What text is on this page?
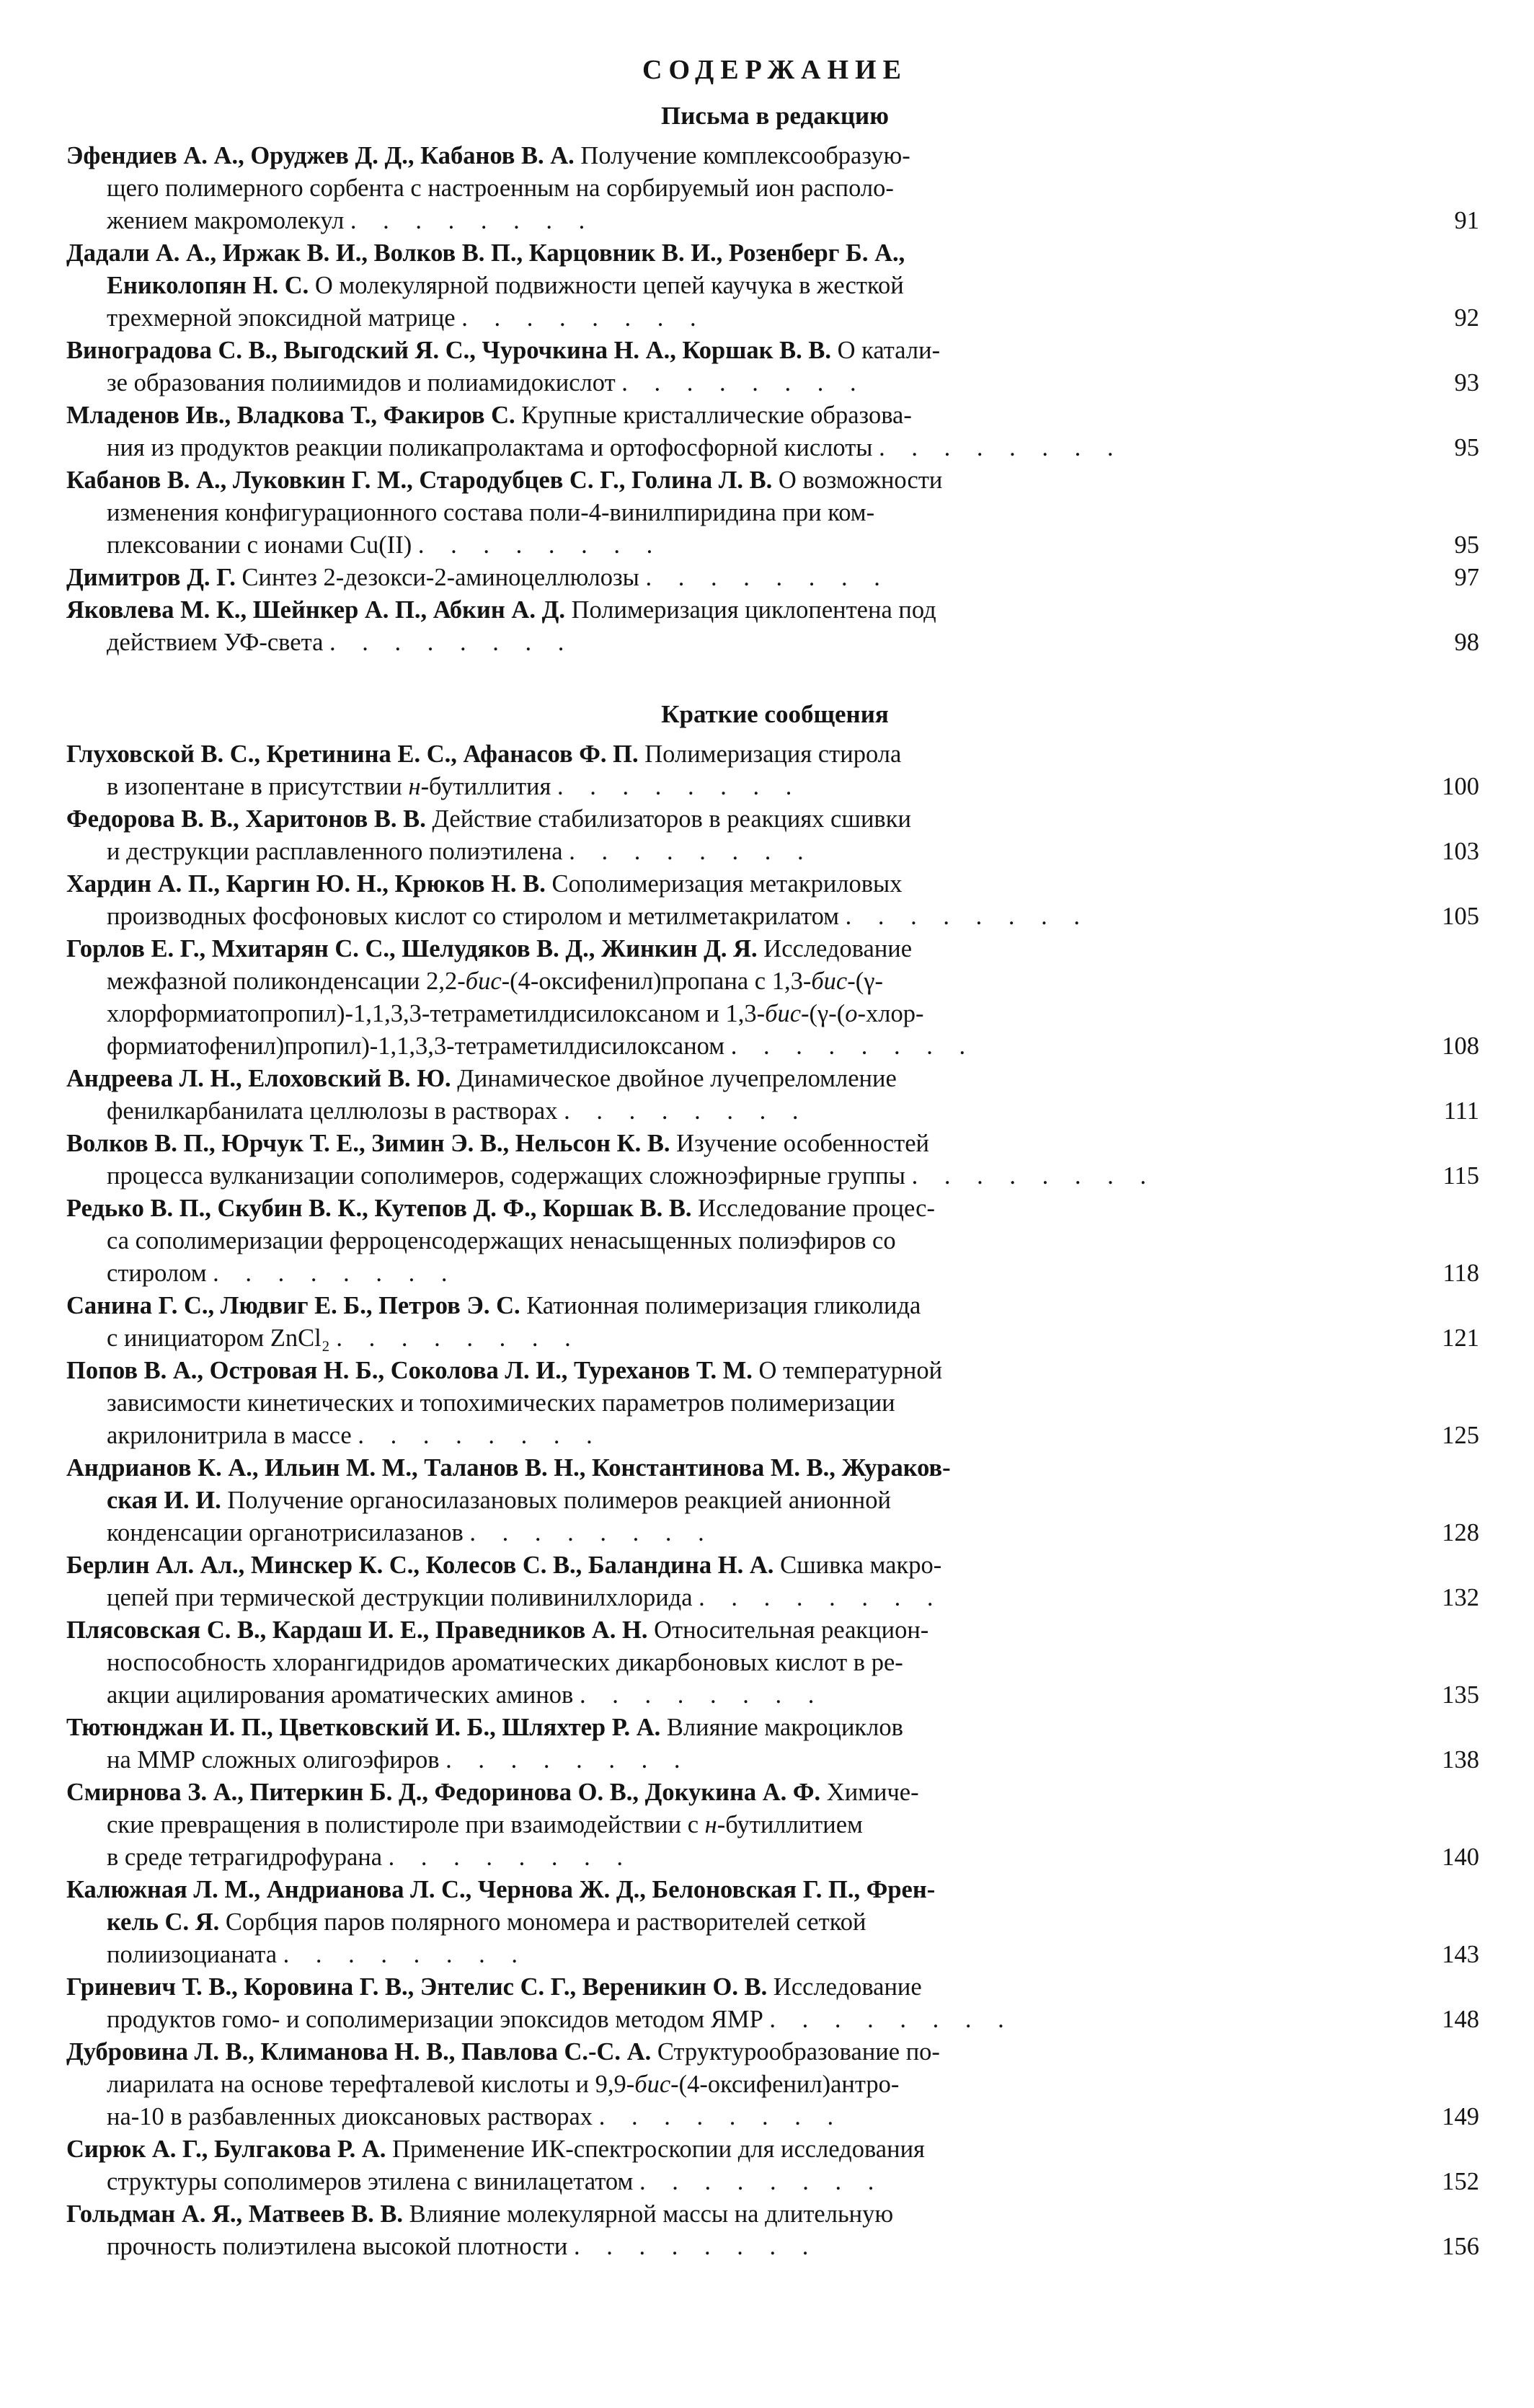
СОДЕРЖАНИЕ
Письма в редакцию
Эфендиев А. А., Оруджев Д. Д., Кабанов В. А. Получение комплексообразую-
щего полимерного сорбента с настроенным на сорбируемый ион располо-
жением макромолекул . . . . . . . .	91
Дадали А. А., Иржак В. И., Волков В. П., Карцовник В. И., Розенберг Б. А.,
Ениколопян Н. С. О молекулярной подвижности цепей каучука в жесткой
трехмерной эпоксидной матрице . . . . . . . .	92
Виноградова С. В., Выгодский Я. С., Чурочкина Н. А., Коршак В. В. О катали-
зе образования полиимидов и полиамидокислот . . . . . . . .	93
Младенов Ив., Владкова Т., Факиров С. Крупные кристаллические образова-
ния из продуктов реакции поликапролактама и ортофосфорной кислоты . . . . . . . .	95
Кабанов В. А., Луковкин Г. М., Стародубцев С. Г., Голина Л. В. О возможности
изменения конфигурационного состава поли-4-винилпиридина при ком-
плексовании с ионами Cu(II) . . . . . . . .	95
Димитров Д. Г. Синтез 2-дезокси-2-аминоцеллюлозы . . . . . . . .	97
Яковлева М. К., Шейнкер А. П., Абкин А. Д. Полимеризация циклопентена под
действием УФ-света . . . . . . . .	98
Краткие сообщения
Глуховской В. С., Кретинина Е. С., Афанасов Ф. П. Полимеризация стирола
в изопентане в присутствии н-бутиллития . . . . . . . .	100
Федорова В. В., Харитонов В. В. Действие стабилизаторов в реакциях сшивки
и деструкции расплавленного полиэтилена . . . . . . . .	103
Хардин А. П., Каргин Ю. Н., Крюков Н. В. Сополимеризация метакриловых
производных фосфоновых кислот со стиролом и метилметакрилатом . . . . . . . .	105
Горлов Е. Г., Мхитарян С. С., Шелудяков В. Д., Жинкин Д. Я. Исследование
межфазной поликонденсации 2,2-бис-(4-оксифенил)пропана с 1,3-бис-(γ-
хлорформиатопропил)-1,1,3,3-тетраметилдисилоксаном и 1,3-бис-(γ-(о-хлор-
формиатофенил)пропил)-1,1,3,3-тетраметилдисилоксаном . . . . . . . .	108
Андреева Л. Н., Елоховский В. Ю. Динамическое двойное лучепреломление
фенилкарбанилата целлюлозы в растворах . . . . . . . .	111
Волков В. П., Юрчук Т. Е., Зимин Э. В., Нельсон К. В. Изучение особенностей
процесса вулканизации сополимеров, содержащих сложноэфирные группы . . . . . . . .	115
Редько В. П., Скубин В. К., Кутепов Д. Ф., Коршак В. В. Исследование процес-
са сополимеризации ферроценсодержащих ненасыщенных полиэфиров со
стиролом . . . . . . . .	118
Санина Г. С., Людвиг Е. Б., Петров Э. С. Катионная полимеризация гликолида
с инициатором ZnCl₂ . . . . . . . .	121
Попов В. А., Островая Н. Б., Соколова Л. И., Туреханов Т. М. О температурной
зависимости кинетических и топохимических параметров полимеризации
акрилонитрила в массе . . . . . . . .	125
Андрианов К. А., Ильин М. М., Таланов В. Н., Константинова М. В., Жураков-
ская И. И. Получение органосилазановых полимеров реакцией анионной
конденсации органотрисилазанов . . . . . . . .	128
Берлин Ал. Ал., Минскер К. С., Колесов С. В., Баландина Н. А. Сшивка макро-
цепей при термической деструкции поливинилхлорида . . . . . . . .	132
Плясовская С. В., Кардаш И. Е., Праведников А. Н. Относительная реакцион-
носпособность хлорангидридов ароматических дикарбоновых кислот в ре-
акции ацилирования ароматических аминов . . . . . . . .	135
Тютюнджан И. П., Цветковский И. Б., Шляхтер Р. А. Влияние макроциклов
на ММР сложных олигоэфиров . . . . . . . .	138
Смирнова З. А., Питеркин Б. Д., Федоринова О. В., Докукина А. Ф. Химиче-
ские превращения в полистироле при взаимодействии с н-бутиллитием
в среде тетрагидрофурана . . . . . . . .	140
Калюжная Л. М., Андрианова Л. С., Чернова Ж. Д., Белоновская Г. П., Френ-
кель С. Я. Сорбция паров полярного мономера и растворителей сеткой
полиизоцианата . . . . . . . .	143
Гриневич Т. В., Коровина Г. В., Энтелис С. Г., Вереникин О. В. Исследование
продуктов гомо- и сополимеризации эпоксидов методом ЯМР . . . . . . . .	148
Дубровина Л. В., Климанова Н. В., Павлова С.-С. А. Структурообразование по-
лиарилата на основе терефталевой кислоты и 9,9-бис-(4-оксифенил)антро-
на-10 в разбавленных диоксановых растворах . . . . . . . .	149
Сирюк А. Г., Булгакова Р. А. Применение ИК-спектроскопии для исследования
структуры сополимеров этилена с винилацетатом . . . . . . . .	152
Гольдман А. Я., Матвеев В. В. Влияние молекулярной массы на длительную
прочность полиэтилена высокой плотности . . . . . . . .	156
